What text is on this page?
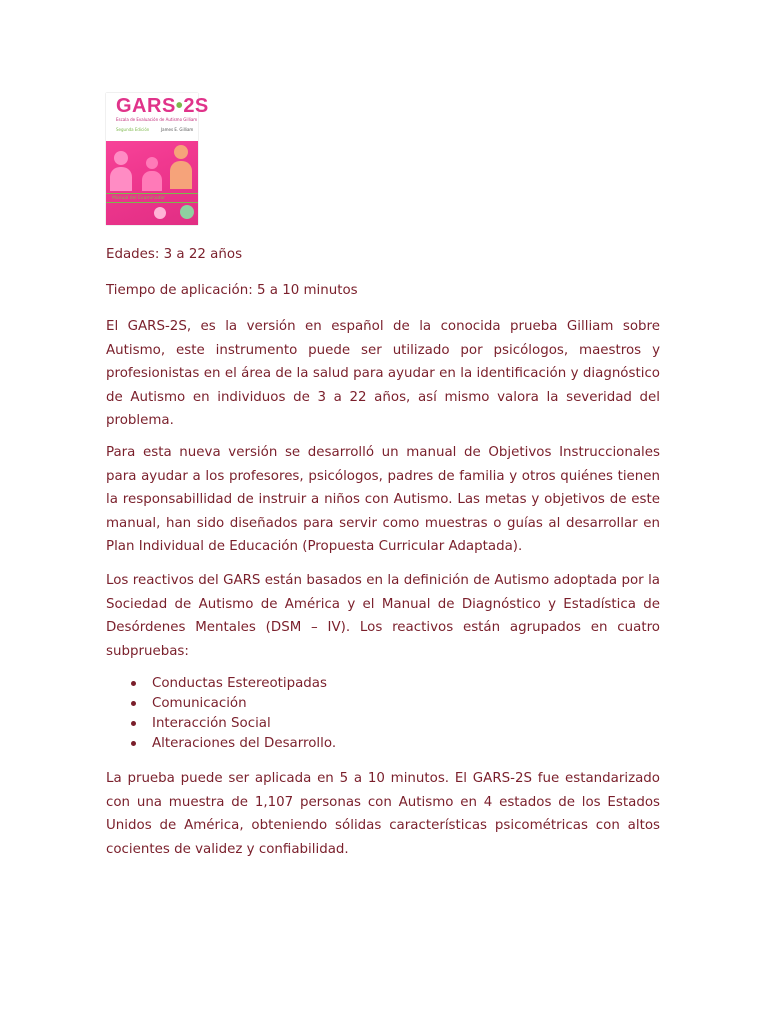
GARS•2S
Escala de Evaluación de Autismo Gilliam
Segunda Edición	James E. Gilliam
Manual del Examinador

Edades: 3 a 22 años

Tiempo de aplicación: 5 a 10 minutos

El GARS-2S, es la versión en español de la conocida prueba Gilliam sobre Autismo, este instrumento puede ser utilizado por psicólogos, maestros y profesionistas en el área de la salud para ayudar en la identificación y diagnóstico de Autismo en individuos de 3 a 22 años, así mismo valora la severidad del problema.

Para esta nueva versión se desarrolló un manual de Objetivos Instruccionales para ayudar a los profesores, psicólogos, padres de familia y otros quiénes tienen la responsabillidad de instruir a niños con Autismo. Las metas y objetivos de este manual, han sido diseñados para servir como muestras o guías al desarrollar en Plan Individual de Educación (Propuesta Curricular Adaptada).

Los reactivos del GARS están basados en la definición de Autismo adoptada por la Sociedad de Autismo de América y el Manual de Diagnóstico y Estadística de Desórdenes Mentales (DSM – IV). Los reactivos están agrupados en cuatro subpruebas:

Conductas Estereotipadas
Comunicación
Interacción Social
Alteraciones del Desarrollo.

La prueba puede ser aplicada en 5 a 10 minutos. El GARS-2S fue estandarizado con una muestra de 1,107 personas con Autismo en 4 estados de los Estados Unidos de América, obteniendo sólidas características psicométricas con altos cocientes de validez y confiabilidad.
